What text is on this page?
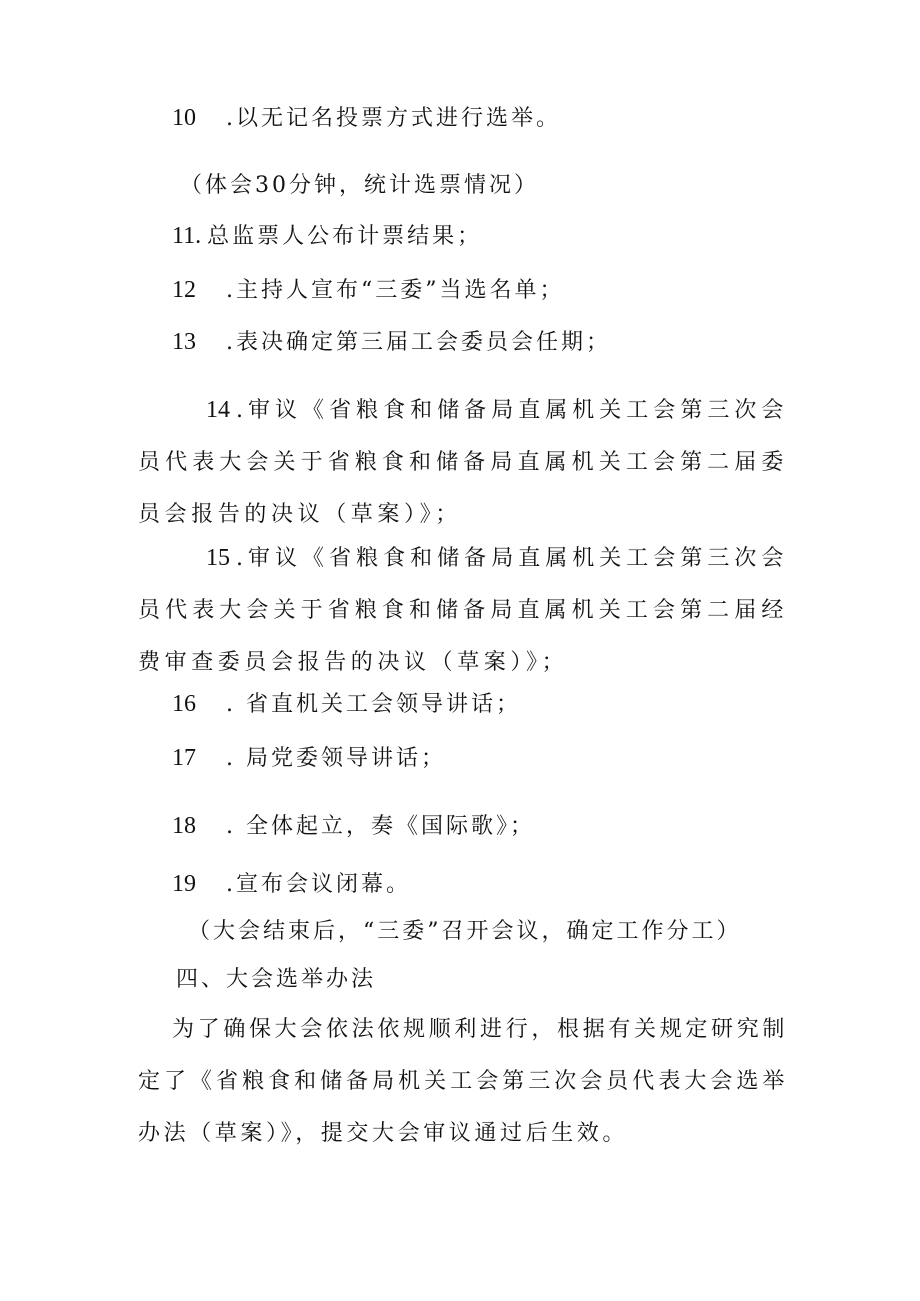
10 .以无记名投票方式进行选举。
（体会30分钟，统计选票情况）
11. 总监票人公布计票结果；
12 .主持人宣布“三委”当选名单；
13 .表决确定第三届工会委员会任期；
14 .审议《省粮食和储备局直属机关工会第三次会员代表大会关于省粮食和储备局直属机关工会第二届委员会报告的决议（草案）》；
15 .审议《省粮食和储备局直属机关工会第三次会员代表大会关于省粮食和储备局直属机关工会第二届经费审查委员会报告的决议（草案）》；
16 . 省直机关工会领导讲话；
17 . 局党委领导讲话；
18 . 全体起立，奏《国际歌》；
19 .宣布会议闭幕。
（大会结束后，“三委”召开会议，确定工作分工）
四、大会选举办法
为了确保大会依法依规顺利进行，根据有关规定研究制定了《省粮食和储备局机关工会第三次会员代表大会选举办法（草案）》，提交大会审议通过后生效。
